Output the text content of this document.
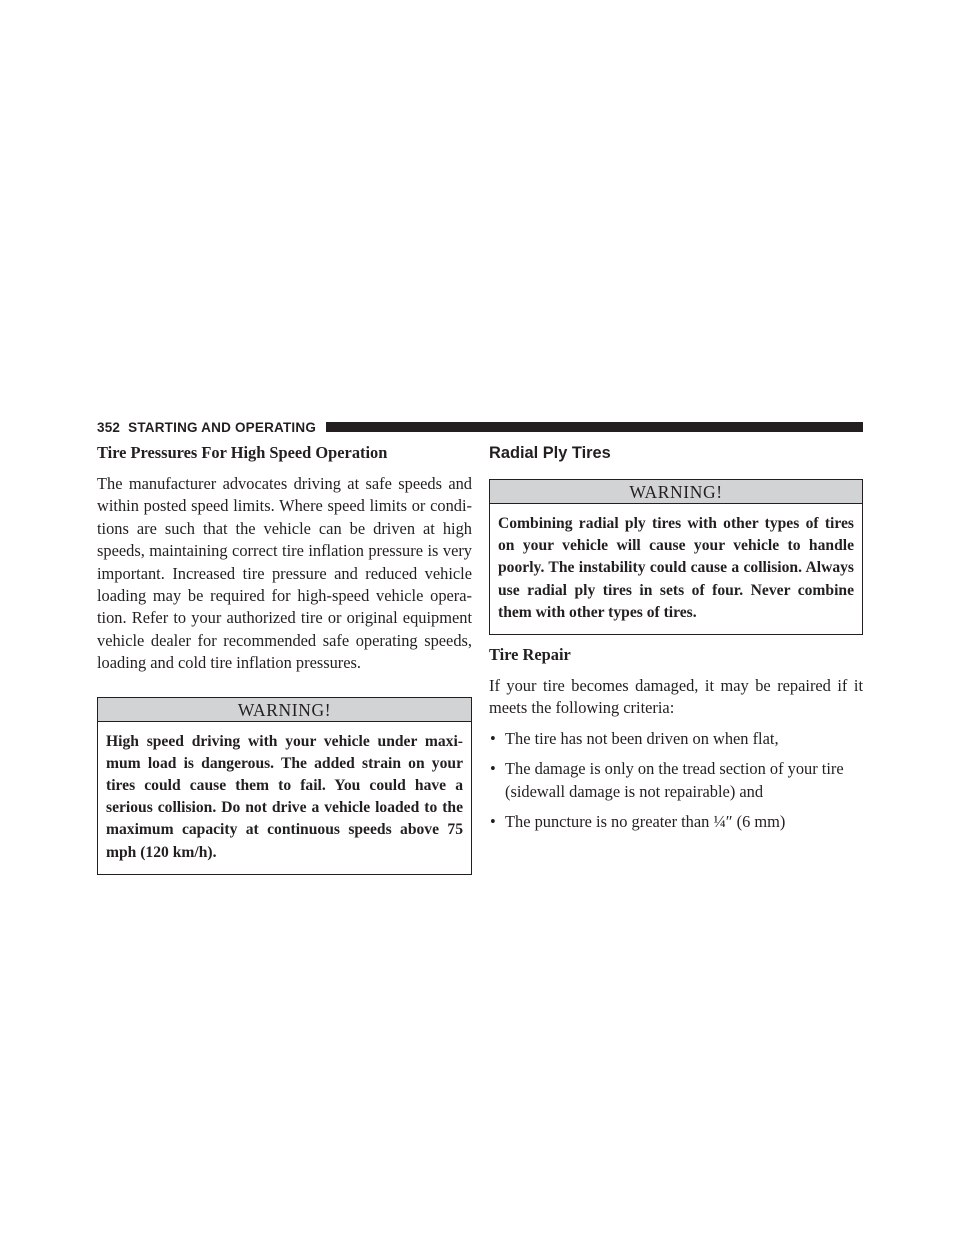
352 STARTING AND OPERATING
Tire Pressures For High Speed Operation

The manufacturer advocates driving at safe speeds and within posted speed limits. Where speed limits or conditions are such that the vehicle can be driven at high speeds, maintaining correct tire inflation pressure is very important. Increased tire pressure and reduced vehicle loading may be required for high-speed vehicle operation. Refer to your authorized tire or original equipment vehicle dealer for recommended safe operating speeds, loading and cold tire inflation pressures.

WARNING!
High speed driving with your vehicle under maximum load is dangerous. The added strain on your tires could cause them to fail. You could have a serious collision. Do not drive a vehicle loaded to the maximum capacity at continuous speeds above 75 mph (120 km/h).
Radial Ply Tires
WARNING!
Combining radial ply tires with other types of tires on your vehicle will cause your vehicle to handle poorly. The instability could cause a collision. Always use radial ply tires in sets of four. Never combine them with other types of tires.
Tire Repair

If your tire becomes damaged, it may be repaired if it meets the following criteria:

• The tire has not been driven on when flat,
• The damage is only on the tread section of your tire (sidewall damage is not repairable) and
• The puncture is no greater than ¼″ (6 mm)
